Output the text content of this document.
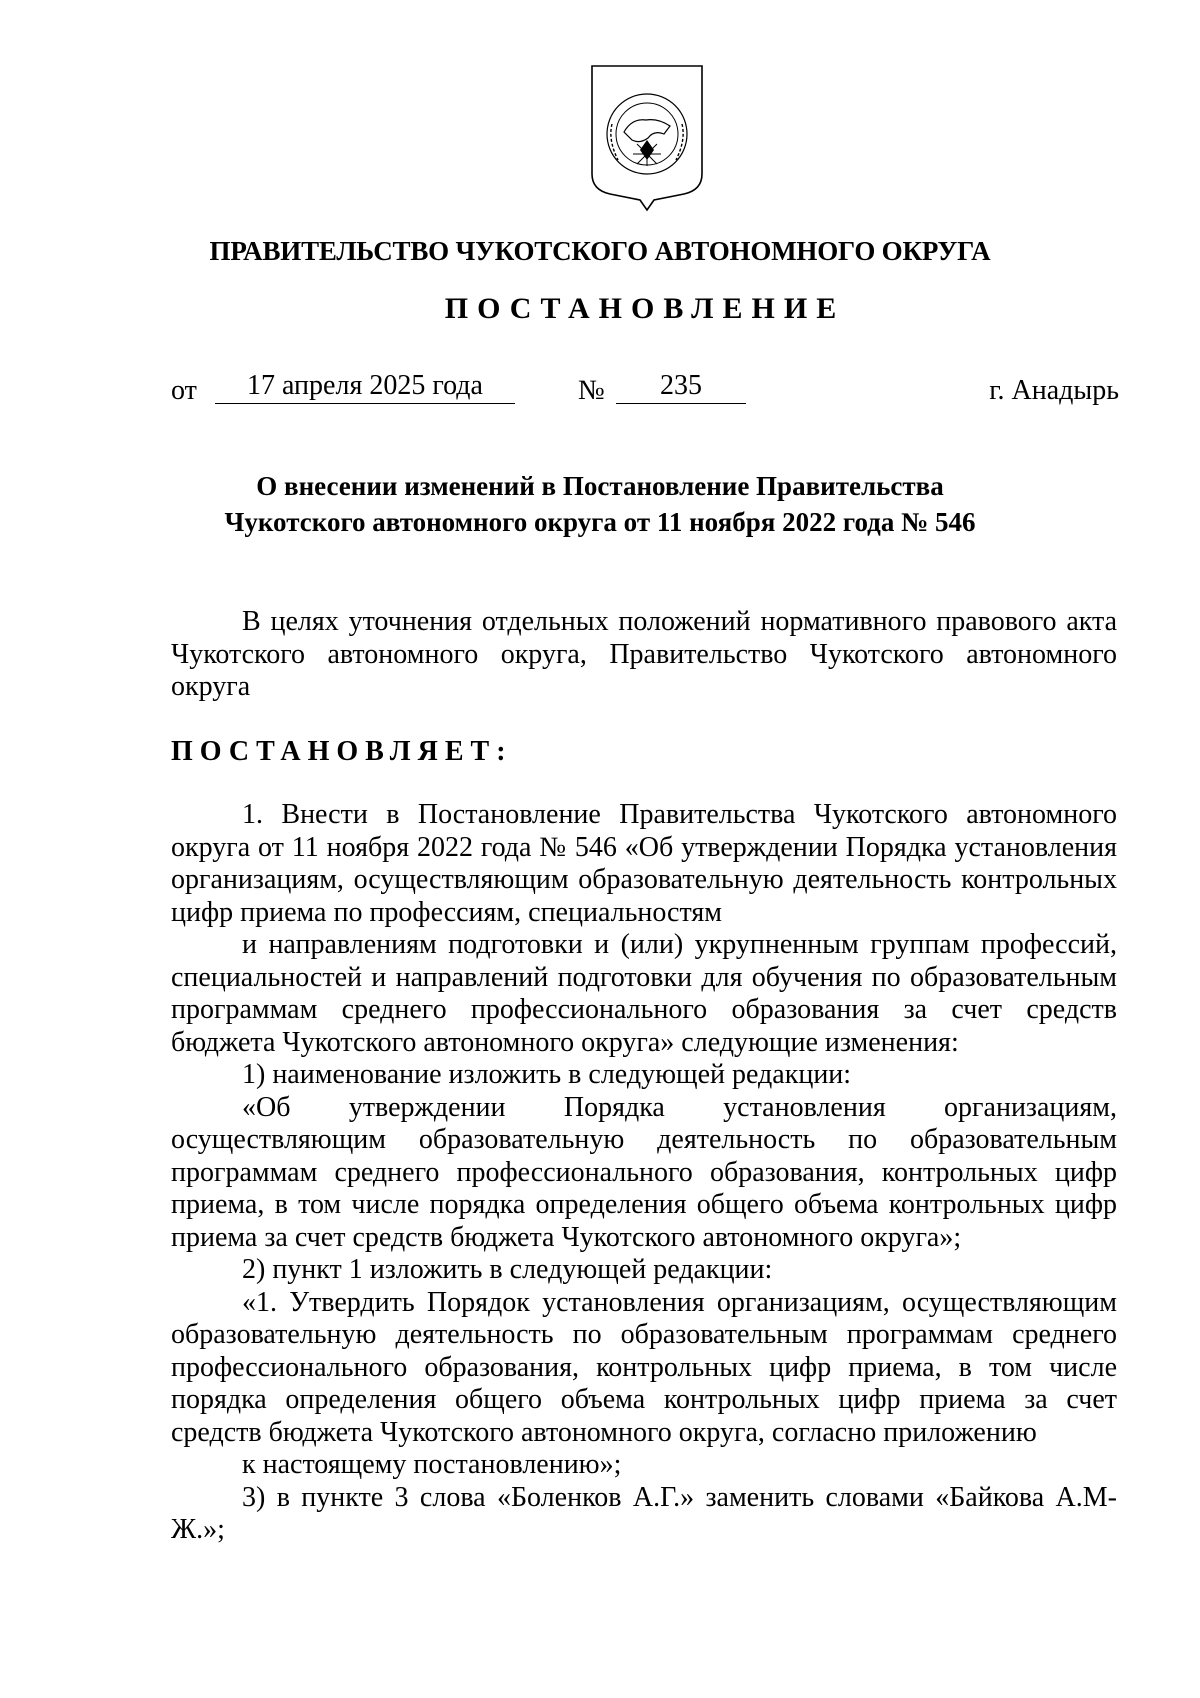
ПРАВИТЕЛЬСТВО ЧУКОТСКОГО АВТОНОМНОГО ОКРУГА
ПОСТАНОВЛЕНИЕ
от	17 апреля 2025 года	№	235	г. Анадырь
О внесении изменений в Постановление Правительства
Чукотского автономного округа от 11 ноября 2022 года № 546

В целях уточнения отдельных положений нормативного правового акта Чукотского автономного округа, Правительство Чукотского автономного округа

ПОСТАНОВЛЯЕТ:

1. Внести в Постановление Правительства Чукотского автономного округа от 11 ноября 2022 года № 546 «Об утверждении Порядка установления организациям, осуществляющим образовательную деятельность контрольных цифр приема по профессиям, специальностям

и направлениям подготовки и (или) укрупненным группам профессий, специальностей и направлений подготовки для обучения по образовательным программам среднего профессионального образования за счет средств бюджета Чукотского автономного округа» следующие изменения:

1) наименование изложить в следующей редакции:

«Об утверждении Порядка установления организациям, осуществляющим образовательную деятельность по образовательным программам среднего профессионального образования, контрольных цифр приема, в том числе порядка определения общего объема контрольных цифр приема за счет средств бюджета Чукотского автономного округа»;

2) пункт 1 изложить в следующей редакции:

«1. Утвердить Порядок установления организациям, осуществляющим образовательную деятельность по образовательным программам среднего профессионального образования, контрольных цифр приема, в том числе порядка определения общего объема контрольных цифр приема за счет средств бюджета Чукотского автономного округа, согласно приложению

к настоящему постановлению»;

3) в пункте 3 слова «Боленков А.Г.» заменить словами «Байкова А.М-Ж.»;
